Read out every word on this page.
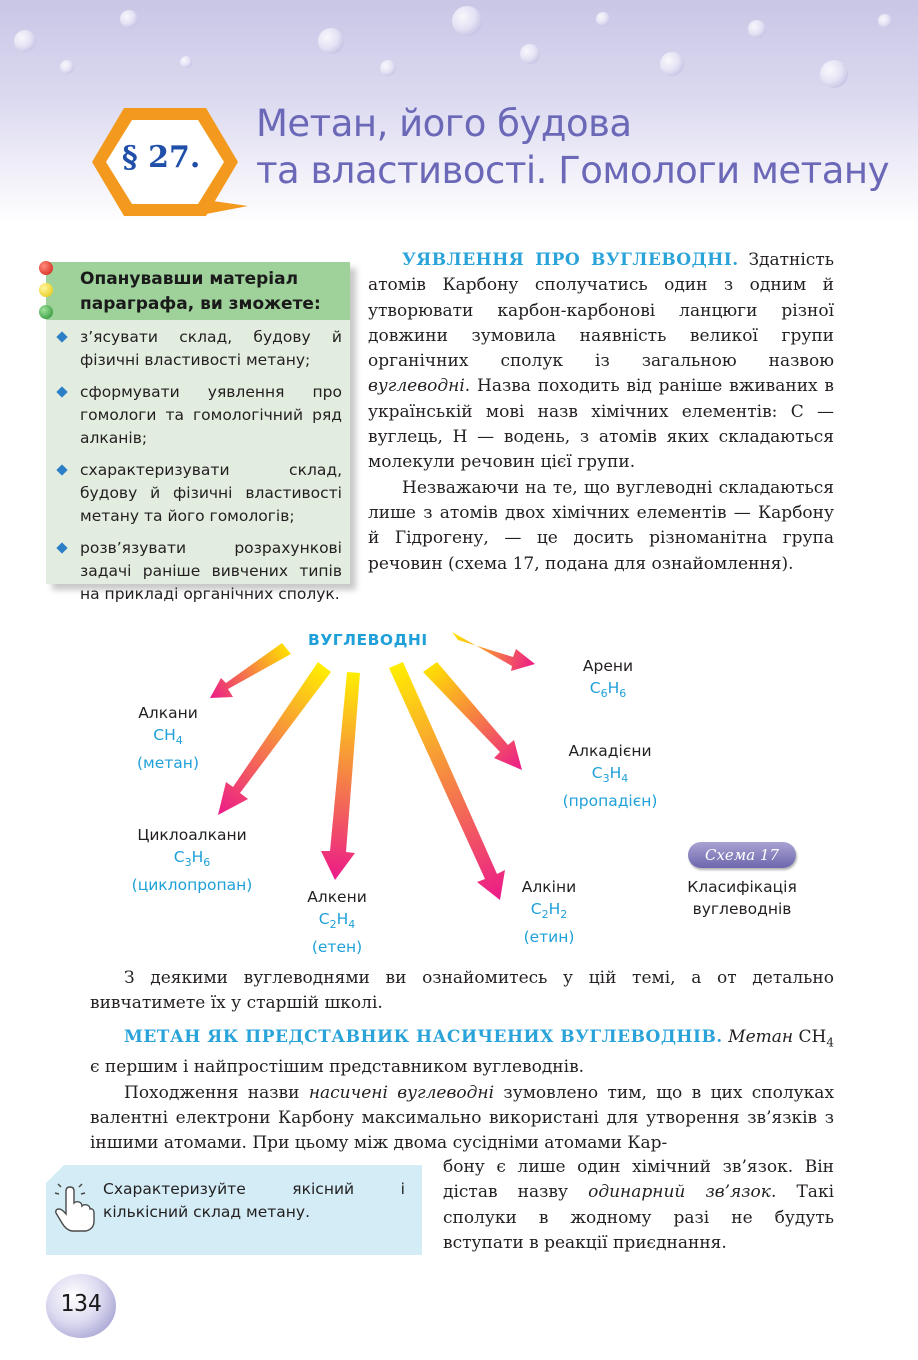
§ 27.
Метан, його будова
та властивості. Гомологи метану
Опанувавши матеріал
параграфа, ви зможете:
з’ясувати склад, будову й фізичні властивості метану;
сформувати уявлення про гомологи та гомологічний ряд алканів;
схарактеризувати склад, будову й фізичні властивості метану та його гомологів;
розв’язувати розрахункові задачі раніше вивчених типів на прикладі органічних сполук.

УЯВЛЕННЯ ПРО ВУГЛЕВОДНІ. Здатність атомів Карбону сполучатись один з одним й утворювати карбон-карбонові ланцюги різної довжини зумовила наявність великої групи органічних сполук із загальною назвою вуглеводні. Назва походить від раніше вживаних в українській мові назв хімічних елементів: С — вуглець, Н — водень, з атомів яких складаються молекули речовин цієї групи.

Незважаючи на те, що вуглеводні складаються лише з атомів двох хімічних елементів — Карбону й Гідрогену, — це досить різноманітна група речовин (схема 17, подана для ознайомлення).

ВУГЛЕВОДНІ
Алкани
$CH_4$
(метан)
Циклоалкани
$C_3H_6$
(циклопропан)
Алкени
$C_2H_4$
(етен)
Алкіни
$C_2H_2$
(етин)
Алкадієни
$C_3H_4$
(пропадієн)
Арени
$C_6H_6$
Схема 17
Класифікація
вуглеводнів

З деякими вуглеводнями ви ознайомитесь у цій темі, а от детально вивчатимете їх у старшій школі.

МЕТАН ЯК ПРЕДСТАВНИК НАСИЧЕНИХ ВУГЛЕВОДНІВ. Метан $CH_4$ є першим і найпростішим представником вуглеводнів.

Походження назви насичені вуглеводні зумовлено тим, що в цих сполуках валентні електрони Карбону максимально використані для утворення зв’язків з іншими атомами. При цьому між двома сусідніми атомами Кар-

бону є лише один хімічний зв’язок. Він дістав назву одинарний зв’язок. Такі сполуки в жодному разі не будуть вступати в реакції приєднання.
Схарактеризуйте якісний і кількісний склад метану.
134
